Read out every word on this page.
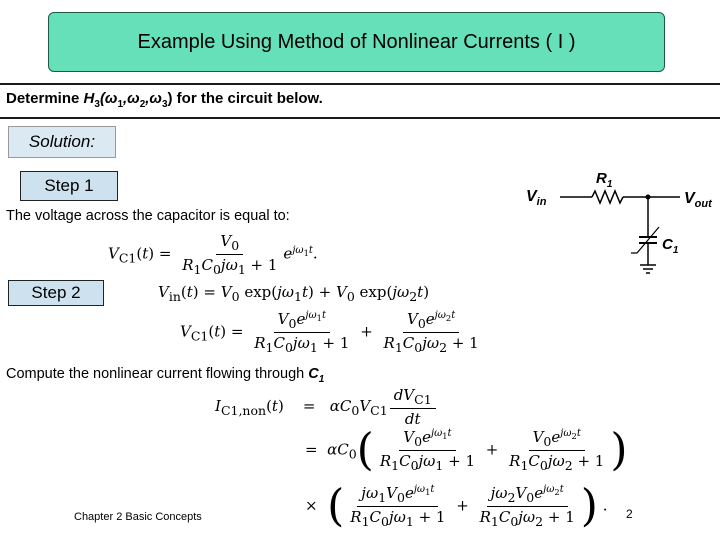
Example Using Method of Nonlinear Currents ( I )
Determine $H_3(\omega_1,\omega_2,\omega_3)$ for the circuit below.
Solution:
Step 1
The voltage across the capacitor is equal to:
$V_{C1}(t) = \frac{V_0}{R_1C_0j\omega_1 + 1} e^{j\omega_1t}$.
Step 2	$V_{in}(t) = V_0$ $\exp(j\omega_1t) + V_0$ $\exp(j\omega_2t)$
$V_{C1}(t) = \frac{V_0e^{j\omega_1t}}{R_1C_0j\omega_1 + 1} + \frac{V_0e^{j\omega_2t}}{R_1C_0j\omega_2 + 1}$
Compute the nonlinear current flowing through $C_1$
$I_{C1,non}(t)$    =   $\alpha C_0V_{C1} \frac{dV_{C1}}{dt}$
=  $\alpha C_0( \frac{V_0e^{j\omega_1t}}{R_1C_0j\omega_1 + 1} + \frac{V_0e^{j\omega_2t}}{R_1C_0j\omega_2 + 1}$ )
×  ( $\frac{j\omega_1V_0e^{j\omega_1t}}{R_1C_0j\omega_1 + 1} + \frac{j\omega_2V_0e^{j\omega_2t}}{R_1C_0j\omega_2 + 1}$ ) .
$V_{in}$
$R_1$
$V_{out}$
$C_1$
Chapter 2 Basic Concepts	2
